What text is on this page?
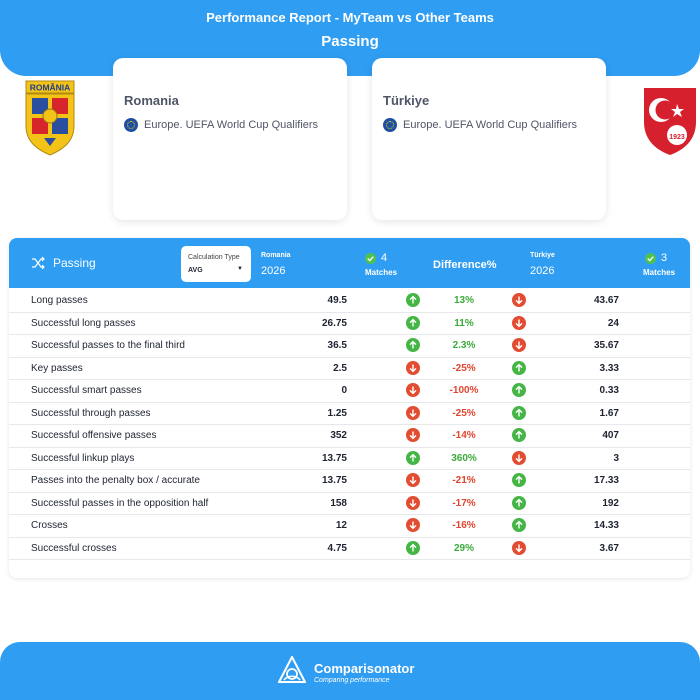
Performance Report - MyTeam vs Other Teams
Passing
ROMÂNIA
1923
Romania
Europe. UEFA World Cup Qualifiers
Türkiye
Europe. UEFA World Cup Qualifiers
Passing	Calculation Type
AVG	▼
Romania
2026
4
Matches
Difference%
Türkiye
2026
3
Matches
Long passes	49.5	13%	43.67
Successful long passes	26.75	11%	24
Successful passes to the final third	36.5	2.3%	35.67
Key passes	2.5	-25%	3.33
Successful smart passes	0	-100%	0.33
Successful through passes	1.25	-25%	1.67
Successful offensive passes	352	-14%	407
Successful linkup plays	13.75	360%	3
Passes into the penalty box / accurate	13.75	-21%	17.33
Successful passes in the opposition half	158	-17%	192
Crosses	12	-16%	14.33
Successful crosses	4.75	29%	3.67
Comparisonator
Comparing performance
